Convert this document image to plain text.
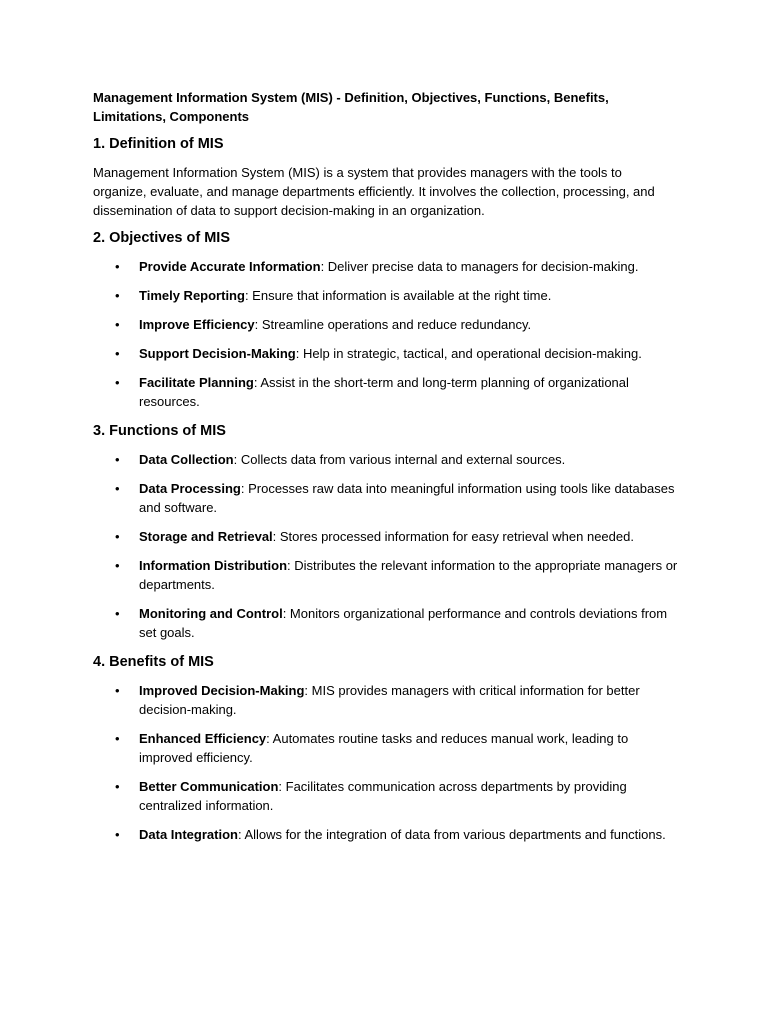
Management Information System (MIS) - Definition, Objectives, Functions, Benefits, Limitations, Components
1. Definition of MIS
Management Information System (MIS) is a system that provides managers with the tools to organize, evaluate, and manage departments efficiently. It involves the collection, processing, and dissemination of data to support decision-making in an organization.
2. Objectives of MIS
• Provide Accurate Information: Deliver precise data to managers for decision-making.
• Timely Reporting: Ensure that information is available at the right time.
• Improve Efficiency: Streamline operations and reduce redundancy.
• Support Decision-Making: Help in strategic, tactical, and operational decision-making.
• Facilitate Planning: Assist in the short-term and long-term planning of organizational resources.
3. Functions of MIS
• Data Collection: Collects data from various internal and external sources.
• Data Processing: Processes raw data into meaningful information using tools like databases and software.
• Storage and Retrieval: Stores processed information for easy retrieval when needed.
• Information Distribution: Distributes the relevant information to the appropriate managers or departments.
• Monitoring and Control: Monitors organizational performance and controls deviations from set goals.
4. Benefits of MIS
• Improved Decision-Making: MIS provides managers with critical information for better decision-making.
• Enhanced Efficiency: Automates routine tasks and reduces manual work, leading to improved efficiency.
• Better Communication: Facilitates communication across departments by providing centralized information.
• Data Integration: Allows for the integration of data from various departments and functions.
